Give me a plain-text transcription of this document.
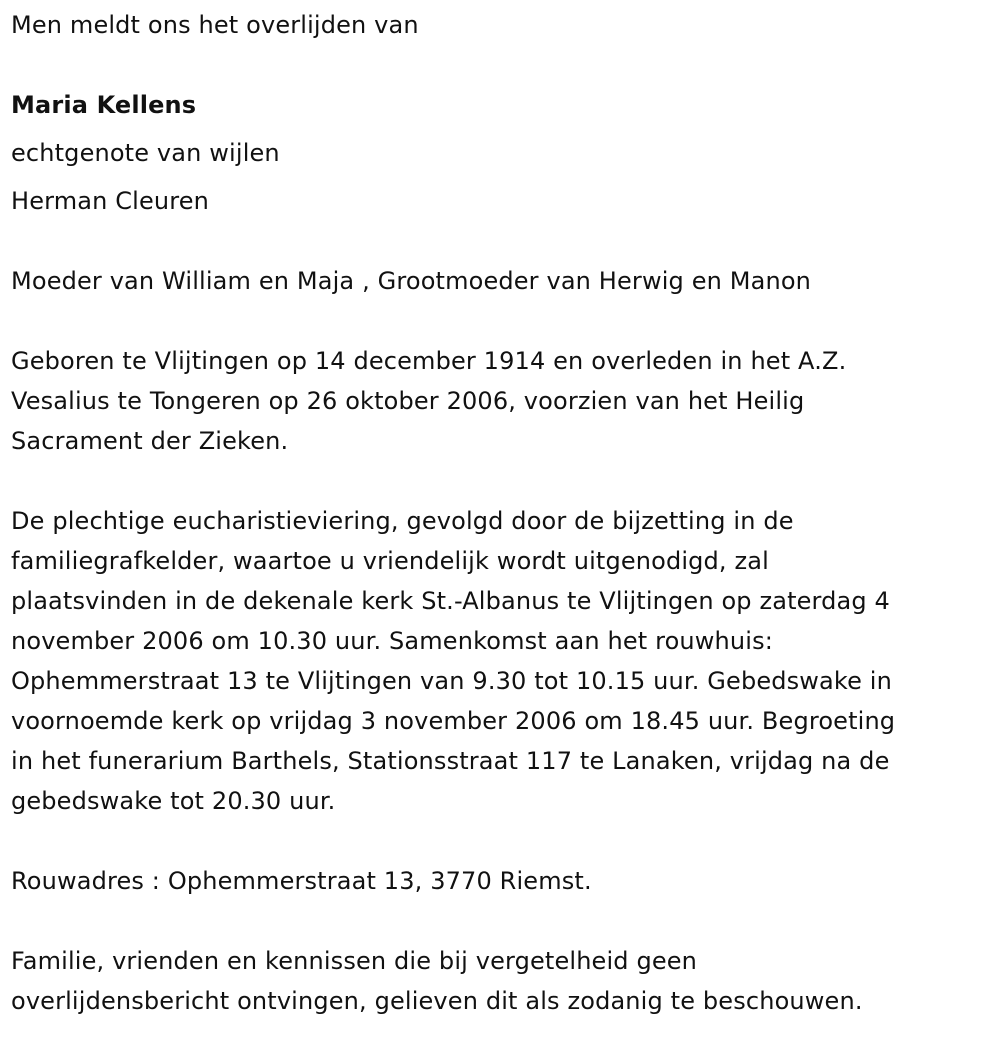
Men meldt ons het overlijden van
Maria Kellens
echtgenote van wijlen
Herman Cleuren
Moeder van William en Maja , Grootmoeder van Herwig en Manon
Geboren te Vlijtingen op 14 december 1914 en overleden in het A.Z.
Vesalius te Tongeren op 26 oktober 2006, voorzien van het Heilig
Sacrament der Zieken.
De plechtige eucharistieviering, gevolgd door de bijzetting in de
familiegrafkelder, waartoe u vriendelijk wordt uitgenodigd, zal
plaatsvinden in de dekenale kerk St.-Albanus te Vlijtingen op zaterdag 4
november 2006 om 10.30 uur. Samenkomst aan het rouwhuis:
Ophemmerstraat 13 te Vlijtingen van 9.30 tot 10.15 uur. Gebedswake in
voornoemde kerk op vrijdag 3 november 2006 om 18.45 uur. Begroeting
in het funerarium Barthels, Stationsstraat 117 te Lanaken, vrijdag na de
gebedswake tot 20.30 uur.
Rouwadres : Ophemmerstraat 13, 3770 Riemst.
Familie, vrienden en kennissen die bij vergetelheid geen
overlijdensbericht ontvingen, gelieven dit als zodanig te beschouwen.
